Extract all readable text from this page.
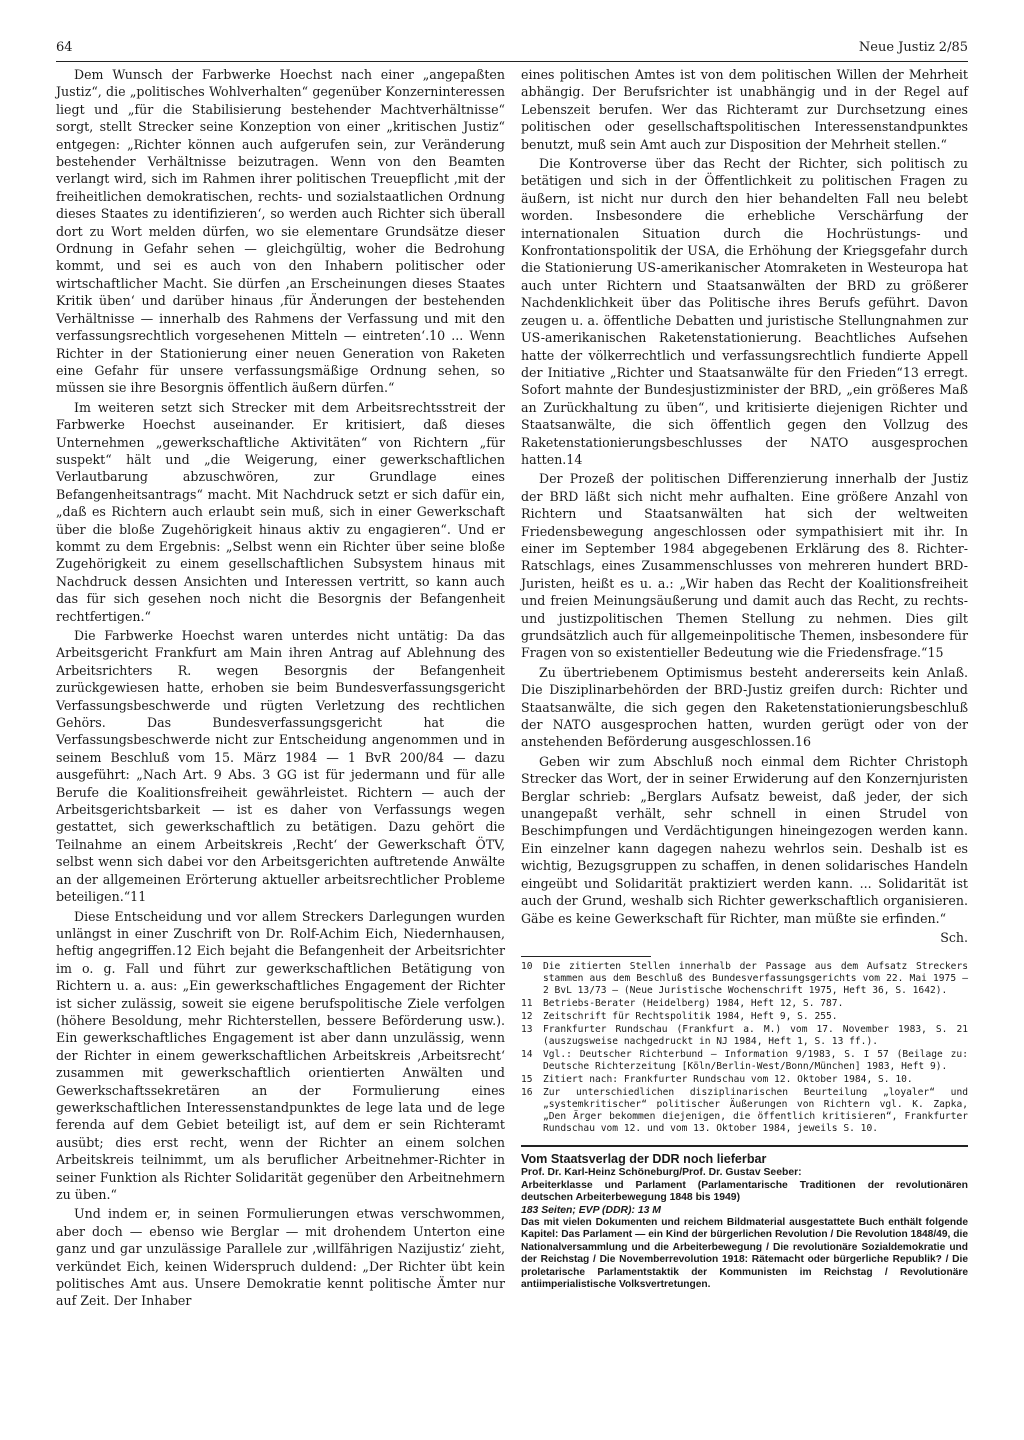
64	Neue Justiz 2/85

Dem Wunsch der Farbwerke Hoechst nach einer „angepaßten Justiz“, die „politisches Wohlverhalten“ gegenüber Konzerninteressen liegt und „für die Stabilisierung bestehender Machtverhältnisse“ sorgt, stellt Strecker seine Konzeption von einer „kritischen Justiz“ entgegen: „Richter können auch aufgerufen sein, zur Veränderung bestehender Verhältnisse beizutragen. Wenn von den Beamten verlangt wird, sich im Rahmen ihrer politischen Treuepflicht ‚mit der freiheitlichen demokratischen, rechts- und sozialstaatlichen Ordnung dieses Staates zu identifizieren‘, so werden auch Richter sich überall dort zu Wort melden dürfen, wo sie elementare Grundsätze dieser Ordnung in Gefahr sehen — gleichgültig, woher die Bedrohung kommt, und sei es auch von den Inhabern politischer oder wirtschaftlicher Macht. Sie dürfen ‚an Erscheinungen dieses Staates Kritik üben‘ und darüber hinaus ‚für Änderungen der bestehenden Verhältnisse — innerhalb des Rahmens der Verfassung und mit den verfassungsrechtlich vorgesehenen Mitteln — eintreten‘.10 ... Wenn Richter in der Stationierung einer neuen Generation von Raketen eine Gefahr für unsere verfassungsmäßige Ordnung sehen, so müssen sie ihre Besorgnis öffentlich äußern dürfen.“

Im weiteren setzt sich Strecker mit dem Arbeitsrechtsstreit der Farbwerke Hoechst auseinander. Er kritisiert, daß dieses Unternehmen „gewerkschaftliche Aktivitäten“ von Richtern „für suspekt“ hält und „die Weigerung, einer gewerkschaftlichen Verlautbarung abzuschwören, zur Grundlage eines Befangenheitsantrags“ macht. Mit Nachdruck setzt er sich dafür ein, „daß es Richtern auch erlaubt sein muß, sich in einer Gewerkschaft über die bloße Zugehörigkeit hinaus aktiv zu engagieren“. Und er kommt zu dem Ergebnis: „Selbst wenn ein Richter über seine bloße Zugehörigkeit zu einem gesellschaftlichen Subsystem hinaus mit Nachdruck dessen Ansichten und Interessen vertritt, so kann auch das für sich gesehen noch nicht die Besorgnis der Befangenheit rechtfertigen.“

Die Farbwerke Hoechst waren unterdes nicht untätig: Da das Arbeitsgericht Frankfurt am Main ihren Antrag auf Ablehnung des Arbeitsrichters R. wegen Besorgnis der Befangenheit zurückgewiesen hatte, erhoben sie beim Bundesverfassungsgericht Verfassungsbeschwerde und rügten Verletzung des rechtlichen Gehörs. Das Bundesverfassungsgericht hat die Verfassungsbeschwerde nicht zur Entscheidung angenommen und in seinem Beschluß vom 15. März 1984 — 1 BvR 200/84 — dazu ausgeführt: „Nach Art. 9 Abs. 3 GG ist für jedermann und für alle Berufe die Koalitionsfreiheit gewährleistet. Richtern — auch der Arbeitsgerichtsbarkeit — ist es daher von Verfassungs wegen gestattet, sich gewerkschaftlich zu betätigen. Dazu gehört die Teilnahme an einem Arbeitskreis ‚Recht‘ der Gewerkschaft ÖTV, selbst wenn sich dabei vor den Arbeitsgerichten auftretende Anwälte an der allgemeinen Erörterung aktueller arbeitsrechtlicher Probleme beteiligen.“11

Diese Entscheidung und vor allem Streckers Darlegungen wurden unlängst in einer Zuschrift von Dr. Rolf-Achim Eich, Niedernhausen, heftig angegriffen.12 Eich bejaht die Befangenheit der Arbeitsrichter im o. g. Fall und führt zur gewerkschaftlichen Betätigung von Richtern u. a. aus: „Ein gewerkschaftliches Engagement der Richter ist sicher zulässig, soweit sie eigene berufspolitische Ziele verfolgen (höhere Besoldung, mehr Richterstellen, bessere Beförderung usw.). Ein gewerkschaftliches Engagement ist aber dann unzulässig, wenn der Richter in einem gewerkschaftlichen Arbeitskreis ‚Arbeitsrecht‘ zusammen mit gewerkschaftlich orientierten Anwälten und Gewerkschaftssekretären an der Formulierung eines gewerkschaftlichen Interessenstandpunktes de lege lata und de lege ferenda auf dem Gebiet beteiligt ist, auf dem er sein Richteramt ausübt; dies erst recht, wenn der Richter an einem solchen Arbeitskreis teilnimmt, um als beruflicher Arbeitnehmer-Richter in seiner Funktion als Richter Solidarität gegenüber den Arbeitnehmern zu üben.“

Und indem er, in seinen Formulierungen etwas verschwommen, aber doch — ebenso wie Berglar — mit drohendem Unterton eine ganz und gar unzulässige Parallele zur ‚willfährigen Nazijustiz‘ zieht, verkündet Eich, keinen Widerspruch duldend: „Der Richter übt kein politisches Amt aus. Unsere Demokratie kennt politische Ämter nur auf Zeit. Der Inhaber

eines politischen Amtes ist von dem politischen Willen der Mehrheit abhängig. Der Berufsrichter ist unabhängig und in der Regel auf Lebenszeit berufen. Wer das Richteramt zur Durchsetzung eines politischen oder gesellschaftspolitischen Interessenstandpunktes benutzt, muß sein Amt auch zur Disposition der Mehrheit stellen.“

Die Kontroverse über das Recht der Richter, sich politisch zu betätigen und sich in der Öffentlichkeit zu politischen Fragen zu äußern, ist nicht nur durch den hier behandelten Fall neu belebt worden. Insbesondere die erhebliche Verschärfung der internationalen Situation durch die Hochrüstungs- und Konfrontationspolitik der USA, die Erhöhung der Kriegsgefahr durch die Stationierung US-amerikanischer Atomraketen in Westeuropa hat auch unter Richtern und Staatsanwälten der BRD zu größerer Nachdenklichkeit über das Politische ihres Berufs geführt. Davon zeugen u. a. öffentliche Debatten und juristische Stellungnahmen zur US-amerikanischen Raketenstationierung. Beachtliches Aufsehen hatte der völkerrechtlich und verfassungsrechtlich fundierte Appell der Initiative „Richter und Staatsanwälte für den Frieden“13 erregt. Sofort mahnte der Bundesjustizminister der BRD, „ein größeres Maß an Zurückhaltung zu üben“, und kritisierte diejenigen Richter und Staatsanwälte, die sich öffentlich gegen den Vollzug des Raketenstationierungsbeschlusses der NATO ausgesprochen hatten.14

Der Prozeß der politischen Differenzierung innerhalb der Justiz der BRD läßt sich nicht mehr aufhalten. Eine größere Anzahl von Richtern und Staatsanwälten hat sich der weltweiten Friedensbewegung angeschlossen oder sympathisiert mit ihr. In einer im September 1984 abgegebenen Erklärung des 8. Richter-Ratschlags, eines Zusammenschlusses von mehreren hundert BRD-Juristen, heißt es u. a.: „Wir haben das Recht der Koalitionsfreiheit und freien Meinungsäußerung und damit auch das Recht, zu rechts- und justizpolitischen Themen Stellung zu nehmen. Dies gilt grundsätzlich auch für allgemeinpolitische Themen, insbesondere für Fragen von so existentieller Bedeutung wie die Friedensfrage.“15

Zu übertriebenem Optimismus besteht andererseits kein Anlaß. Die Disziplinarbehörden der BRD-Justiz greifen durch: Richter und Staatsanwälte, die sich gegen den Raketenstationierungsbeschluß der NATO ausgesprochen hatten, wurden gerügt oder von der anstehenden Beförderung ausgeschlossen.16

Geben wir zum Abschluß noch einmal dem Richter Christoph Strecker das Wort, der in seiner Erwiderung auf den Konzernjuristen Berglar schrieb: „Berglars Aufsatz beweist, daß jeder, der sich unangepaßt verhält, sehr schnell in einen Strudel von Beschimpfungen und Verdächtigungen hineingezogen werden kann. Ein einzelner kann dagegen nahezu wehrlos sein. Deshalb ist es wichtig, Bezugsgruppen zu schaffen, in denen solidarisches Handeln eingeübt und Solidarität praktiziert werden kann. ... Solidarität ist auch der Grund, weshalb sich Richter gewerkschaftlich organisieren. Gäbe es keine Gewerkschaft für Richter, man müßte sie erfinden.“

Sch.
10	Die zitierten Stellen innerhalb der Passage aus dem Aufsatz Streckers stammen aus dem Beschluß des Bundesverfassungsgerichts vom 22. Mai 1975 — 2 BvL 13/73 — (Neue Juristische Wochenschrift 1975, Heft 36, S. 1642).
11	Betriebs-Berater (Heidelberg) 1984, Heft 12, S. 787.
12	Zeitschrift für Rechtspolitik 1984, Heft 9, S. 255.
13	Frankfurter Rundschau (Frankfurt a. M.) vom 17. November 1983, S. 21 (auszugsweise nachgedruckt in NJ 1984, Heft 1, S. 13 ff.).
14	Vgl.: Deutscher Richterbund — Information 9/1983, S. I 57 (Beilage zu: Deutsche Richterzeitung [Köln/Berlin-West/Bonn/München] 1983, Heft 9).
15	Zitiert nach: Frankfurter Rundschau vom 12. Oktober 1984, S. 10.
16	Zur unterschiedlichen disziplinarischen Beurteilung „loyaler“ und „systemkritischer“ politischer Äußerungen von Richtern vgl. K. Zapka, „Den Ärger bekommen diejenigen, die öffentlich kritisieren“, Frankfurter Rundschau vom 12. und vom 13. Oktober 1984, jeweils S. 10.
Vom Staatsverlag der DDR noch lieferbar
Prof. Dr. Karl-Heinz Schöneburg/Prof. Dr. Gustav Seeber:
Arbeiterklasse und Parlament (Parlamentarische Traditionen der revolutionären deutschen Arbeiterbewegung 1848 bis 1949)
183 Seiten; EVP (DDR): 13 M
Das mit vielen Dokumenten und reichem Bildmaterial ausgestattete Buch enthält folgende Kapitel: Das Parlament — ein Kind der bürgerlichen Revolution / Die Revolution 1848/49, die Nationalversammlung und die Arbeiterbewegung / Die revolutionäre Sozialdemokratie und der Reichstag / Die Novemberrevolution 1918: Rätemacht oder bürgerliche Republik? / Die proletarische Parlamentstaktik der Kommunisten im Reichstag / Revolutionäre antiimperialistische Volksvertretungen.
